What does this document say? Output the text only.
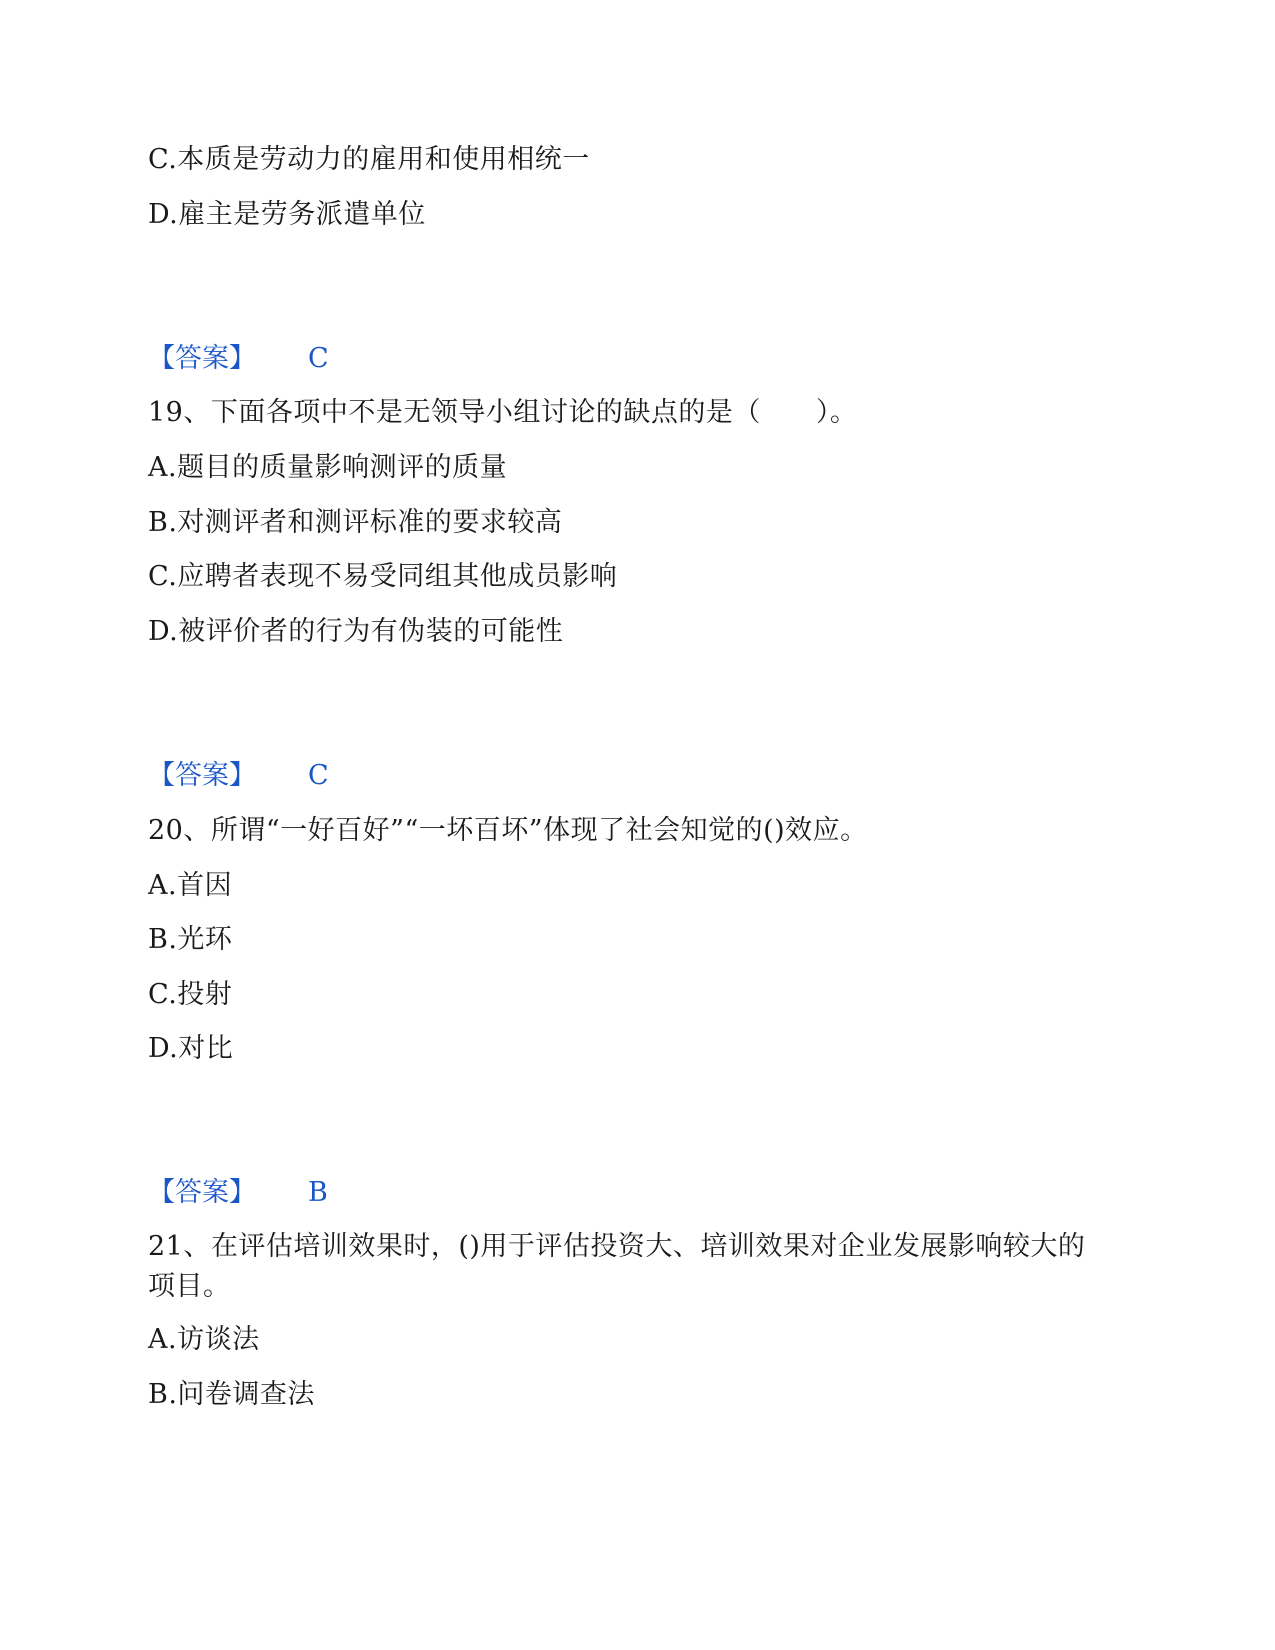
C.本质是劳动力的雇用和使用相统一
D.雇主是劳务派遣单位
【答案】 C
19、下面各项中不是无领导小组讨论的缺点的是（　　）。
A.题目的质量影响测评的质量
B.对测评者和测评标准的要求较高
C.应聘者表现不易受同组其他成员影响
D.被评价者的行为有伪装的可能性
【答案】 C
20、所谓“一好百好”“一坏百坏”体现了社会知觉的()效应。
A.首因
B.光环
C.投射
D.对比
【答案】 B
21、在评估培训效果时，()用于评估投资大、培训效果对企业发展影响较大的项目。
A.访谈法
B.问卷调查法
